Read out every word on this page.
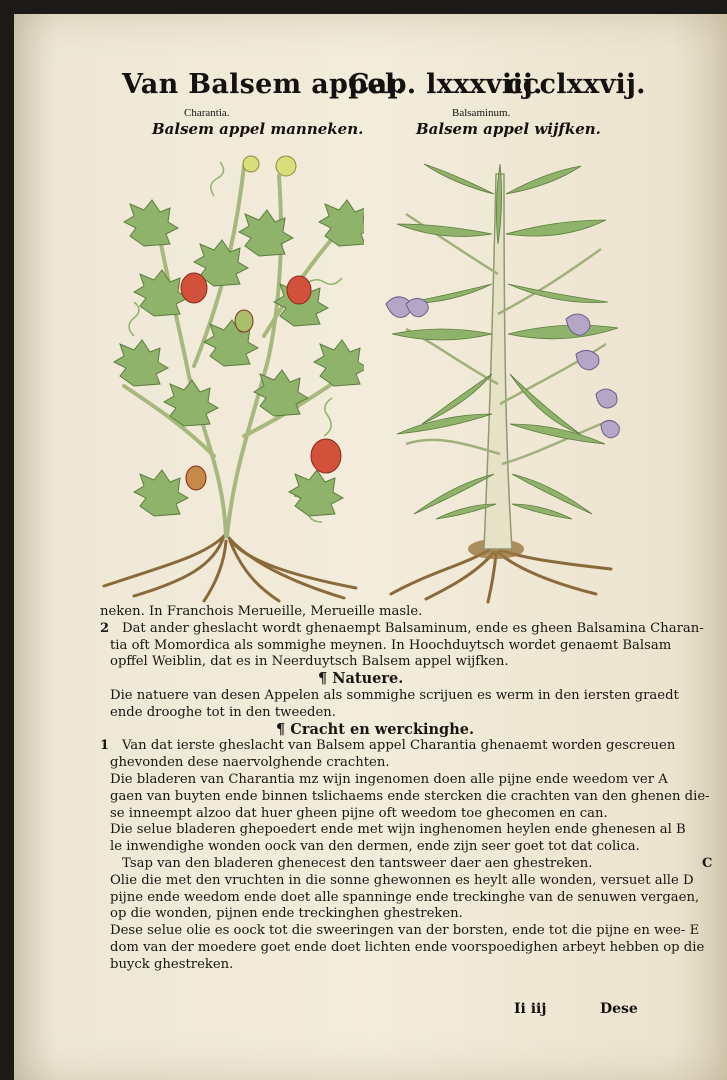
Van Balsem appel.
Cap. lxxxviij.
ccclxxvij.
Charantia.
Balsem appel manneken.
Balsaminum.
Balsem appel wijfken.
neken. In Franchois Merueille, Merueille masle.
Dat ander gheslacht wordt ghenaempt Balsaminum, ende es gheen Balsamina Charan-
2
tia oft Momordica als sommighe meynen. In Hoochduytsch wordet genaemt Balsam
opffel Weiblin, dat es in Neerduytsch Balsem appel wijfken.
¶ Natuere.
Die natuere van desen Appelen als sommighe scrijuen es werm in den iersten graedt
ende drooghe tot in den tweeden.
¶ Cracht en werckinghe.
Van dat ierste gheslacht van Balsem appel Charantia ghenaemt worden gescreuen
1
ghevonden dese naervolghende crachten.
Die bladeren van Charantia mz wijn ingenomen doen alle pijne ende weedom ver A
gaen van buyten ende binnen tslichaems ende stercken die crachten van den ghenen die-
se inneempt alzoo dat huer gheen pijne oft weedom toe ghecomen en can.
Die selue bladeren ghepoedert ende met wijn inghenomen heylen ende ghenesen al B
le inwendighe wonden oock van den dermen, ende zijn seer goet tot dat colica.
Tsap van den bladeren ghenecest den tantsweer daer aen ghestreken.	C
Olie die met den vruchten in die sonne ghewonnen es heylt alle wonden, versuet alle D
pijne ende weedom ende doet alle spanninge ende treckinghe van de senuwen vergaen,
op die wonden, pijnen ende treckinghen ghestreken.
Dese selue olie es oock tot die sweeringen van der borsten, ende tot die pijne en wee- E
dom van der moedere goet ende doet lichten ende voorspoedighen arbeyt hebben op die
buyck ghestreken.
Ii iij	Dese
